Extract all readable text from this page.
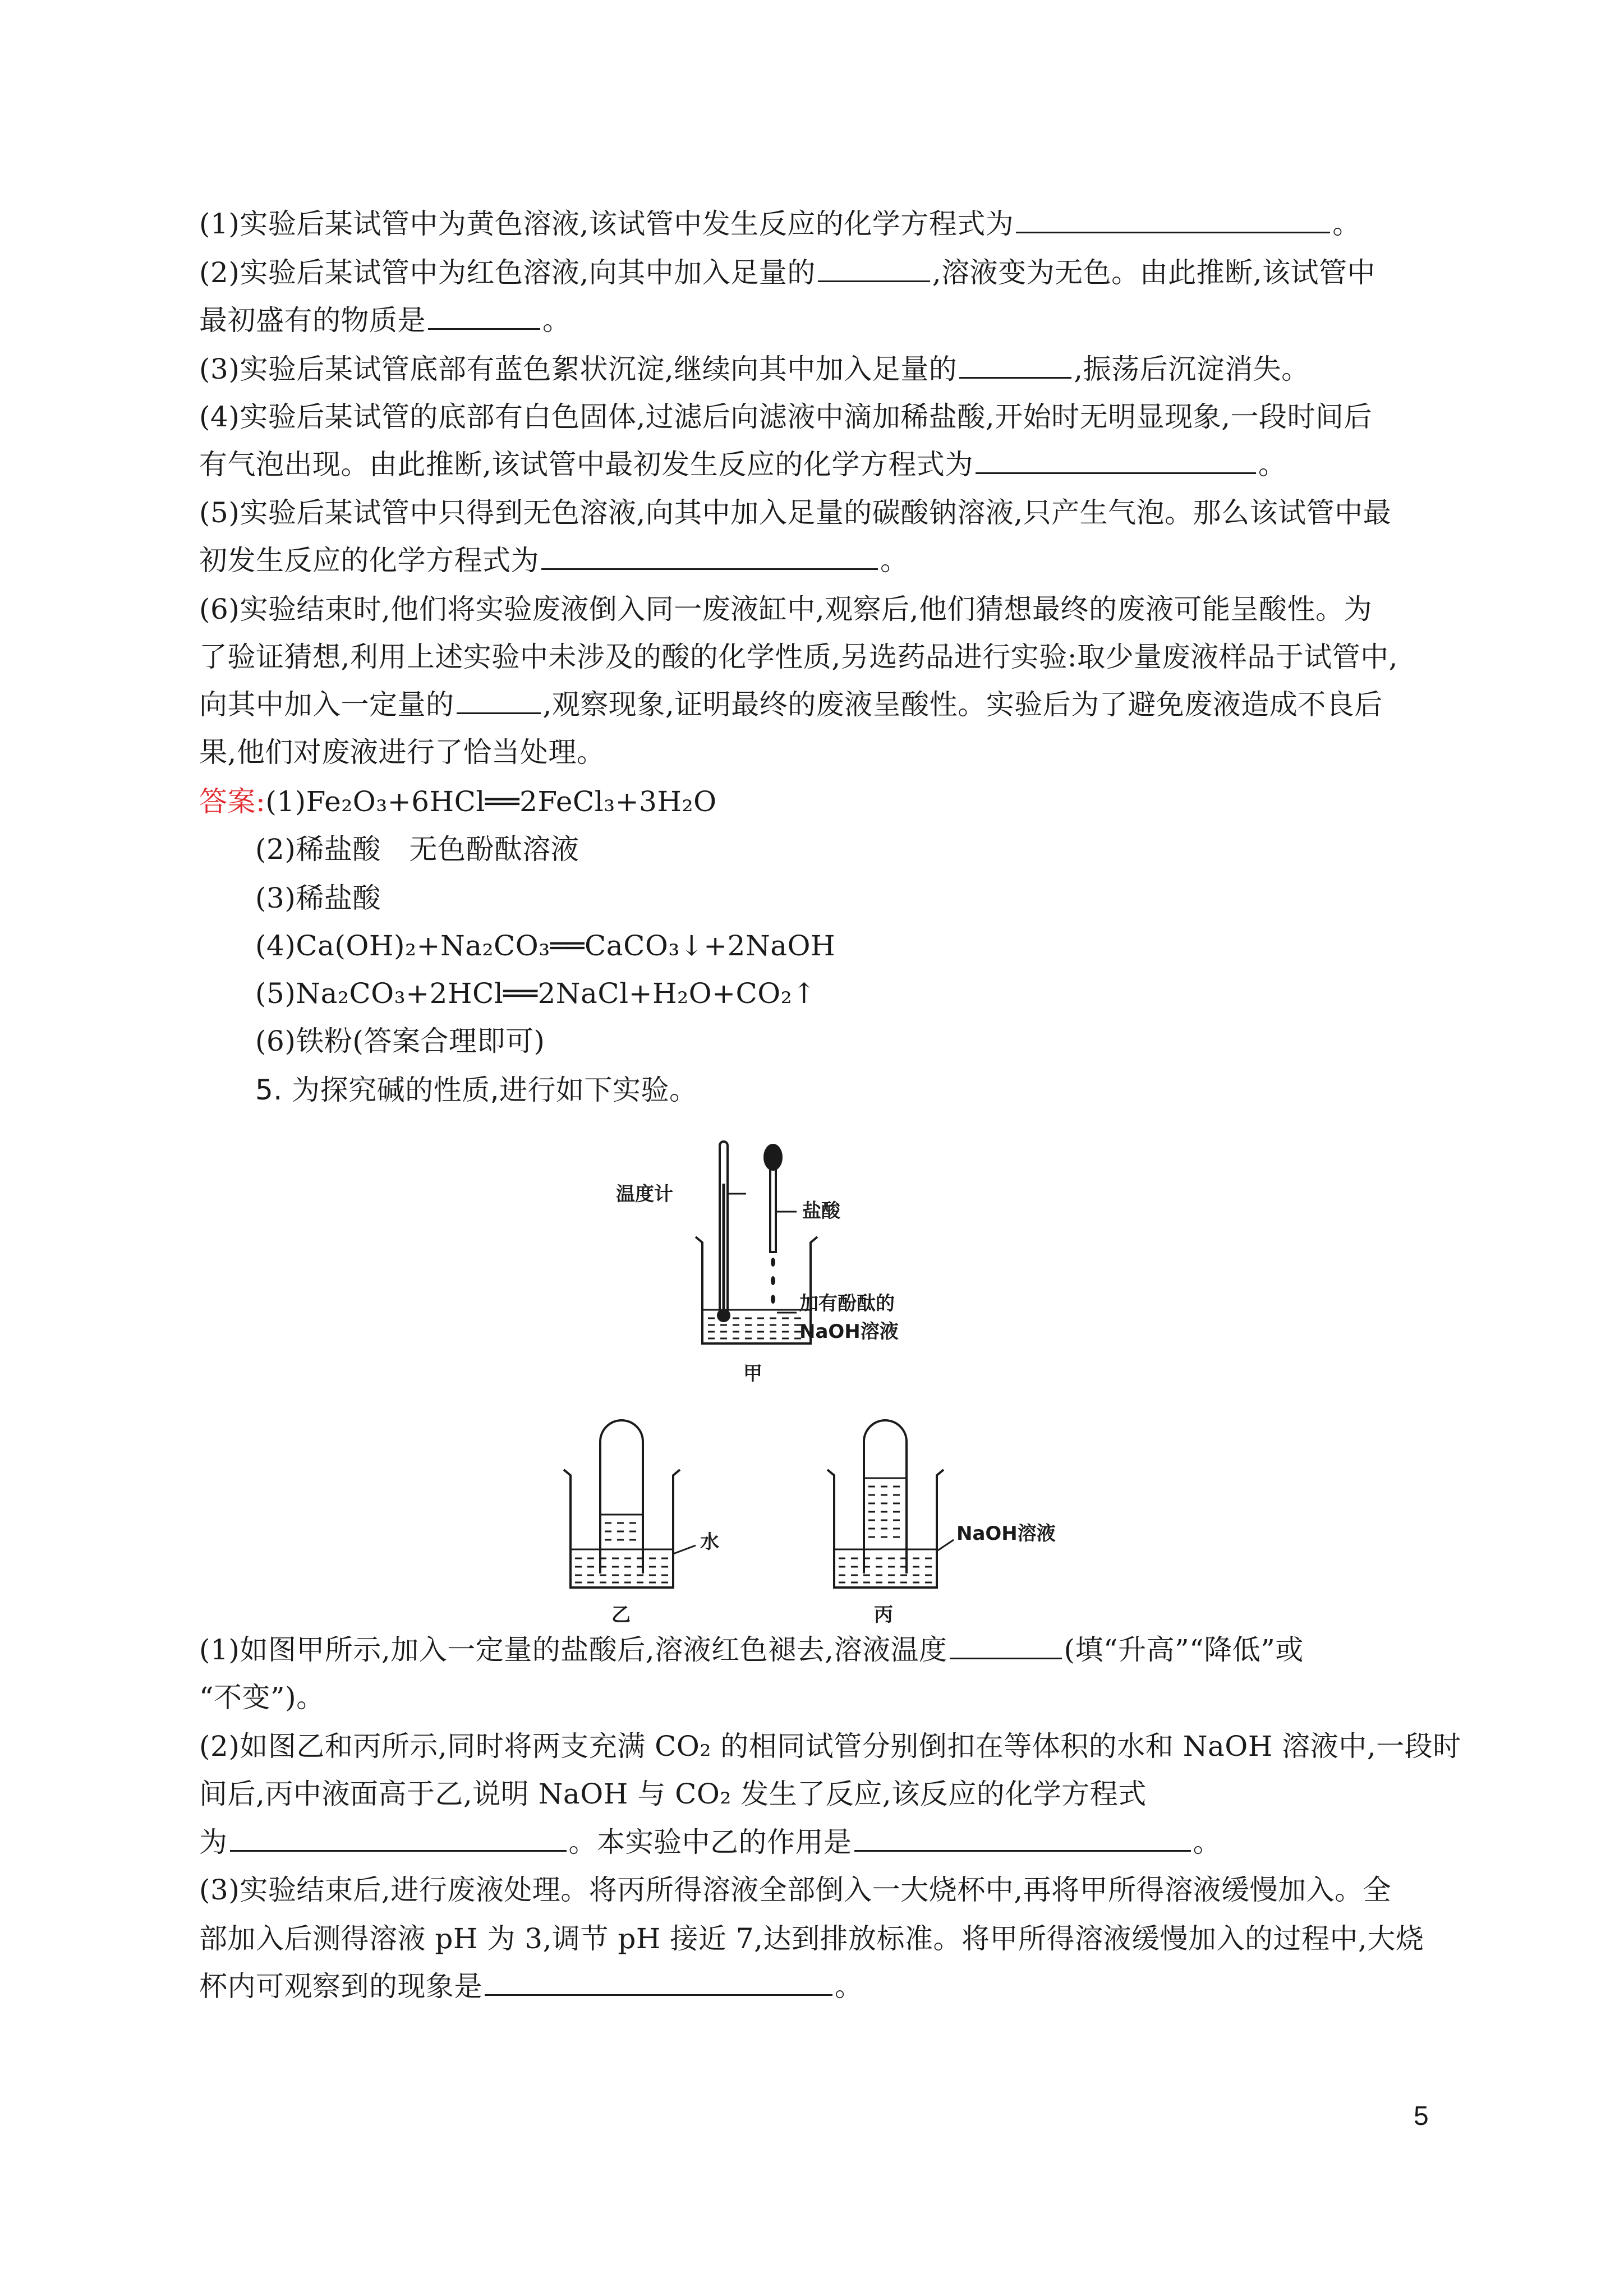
(1)实验后某试管中为黄色溶液,该试管中发生反应的化学方程式为	。
(2)实验后某试管中为红色溶液,向其中加入足量的	,溶液变为无色。由此推断,该试管中
最初盛有的物质是	。
(3)实验后某试管底部有蓝色絮状沉淀,继续向其中加入足量的	,振荡后沉淀消失。
(4)实验后某试管的底部有白色固体,过滤后向滤液中滴加稀盐酸,开始时无明显现象,一段时间后
有气泡出现。由此推断,该试管中最初发生反应的化学方程式为	。
(5)实验后某试管中只得到无色溶液,向其中加入足量的碳酸钠溶液,只产生气泡。那么该试管中最
初发生反应的化学方程式为	。
(6)实验结束时,他们将实验废液倒入同一废液缸中,观察后,他们猜想最终的废液可能呈酸性。为
了验证猜想,利用上述实验中未涉及的酸的化学性质,另选药品进行实验:取少量废液样品于试管中,
向其中加入一定量的	,观察现象,证明最终的废液呈酸性。实验后为了避免废液造成不良后
果,他们对废液进行了恰当处理。
答案:(1)Fe₂O₃+6HCl══2FeCl₃+3H₂O
(2)稀盐酸　无色酚酞溶液
(3)稀盐酸
(4)Ca(OH)₂+Na₂CO₃══CaCO₃↓+2NaOH
(5)Na₂CO₃+2HCl══2NaCl+H₂O+CO₂↑
(6)铁粉(答案合理即可)
5. 为探究碱的性质,进行如下实验。
温度计
盐酸
加有酚酞的
NaOH溶液
甲
水
乙
NaOH溶液
丙
(1)如图甲所示,加入一定量的盐酸后,溶液红色褪去,溶液温度	(填“升高”“降低”或
“不变”)。
(2)如图乙和丙所示,同时将两支充满 CO₂ 的相同试管分别倒扣在等体积的水和 NaOH 溶液中,一段时
间后,丙中液面高于乙,说明 NaOH 与 CO₂ 发生了反应,该反应的化学方程式
为	。本实验中乙的作用是	。
(3)实验结束后,进行废液处理。将丙所得溶液全部倒入一大烧杯中,再将甲所得溶液缓慢加入。全
部加入后测得溶液 pH 为 3,调节 pH 接近 7,达到排放标准。将甲所得溶液缓慢加入的过程中,大烧
杯内可观察到的现象是	。
5
